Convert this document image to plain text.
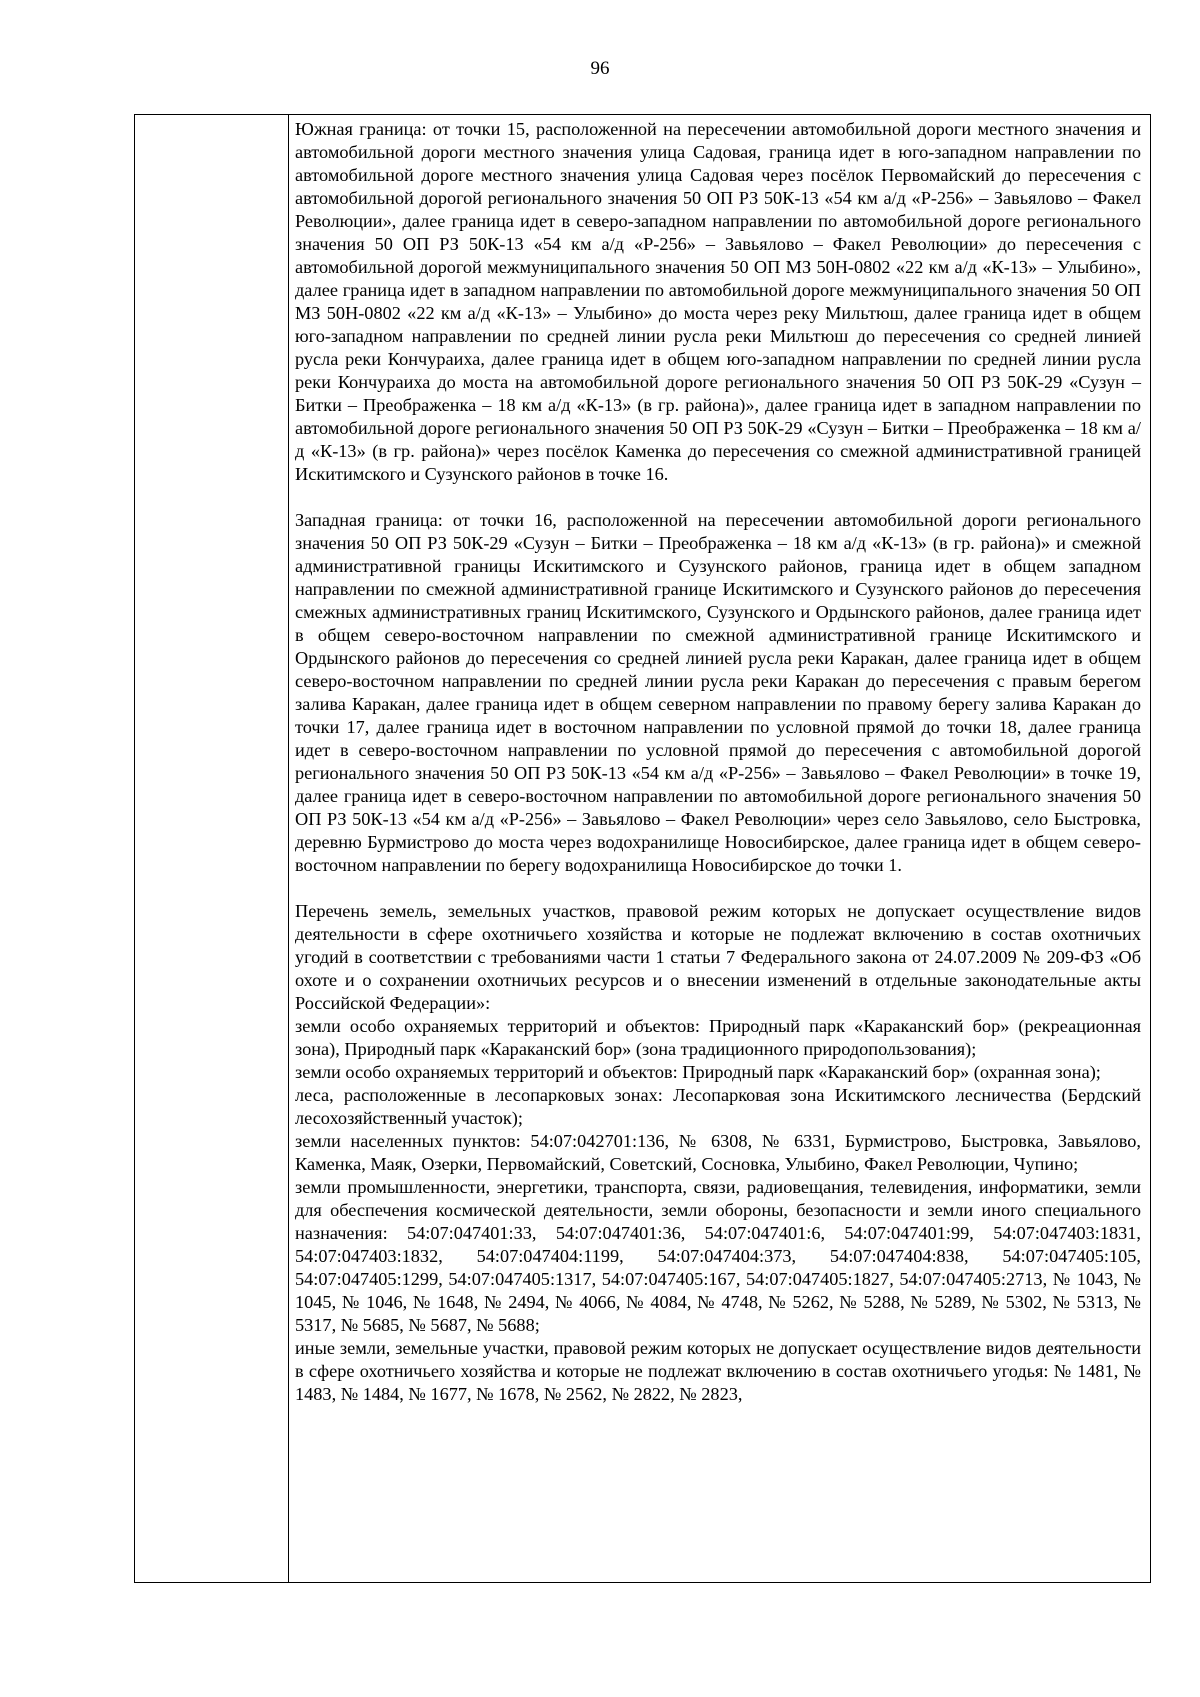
96

Южная граница: от точки 15, расположенной на пересечении автомобильной дороги местного значения и автомобильной дороги местного значения улица Садовая, граница идет в юго-западном направлении по автомобильной дороге местного значения улица Садовая через посёлок Первомайский до пересечения с автомобильной дорогой регионального значения 50 ОП РЗ 50К-13 «54 км а/д «Р-256» – Завьялово – Факел Революции», далее граница идет в северо-западном направлении по автомобильной дороге регионального значения 50 ОП РЗ 50К-13 «54 км а/д «Р-256» – Завьялово – Факел Революции» до пересечения с автомобильной дорогой межмуниципального значения 50 ОП МЗ 50Н-0802 «22 км а/д «К-13» – Улыбино», далее граница идет в западном направлении по автомобильной дороге межмуниципального значения 50 ОП МЗ 50Н-0802 «22 км а/д «К-13» – Улыбино» до моста через реку Мильтюш, далее граница идет в общем юго-западном направлении по средней линии русла реки Мильтюш до пересечения со средней линией русла реки Кончураиха, далее граница идет в общем юго-западном направлении по средней линии русла реки Кончураиха до моста на автомобильной дороге регионального значения 50 ОП РЗ 50К-29 «Сузун – Битки – Преображенка – 18 км а/д «К-13» (в гр. района)», далее граница идет в западном направлении по автомобильной дороге регионального значения 50 ОП РЗ 50К-29 «Сузун – Битки – Преображенка – 18 км а/д «К-13» (в гр. района)» через посёлок Каменка до пересечения со смежной административной границей Искитимского и Сузунского районов в точке 16.

Западная граница: от точки 16, расположенной на пересечении автомобильной дороги регионального значения 50 ОП РЗ 50К-29 «Сузун – Битки – Преображенка – 18 км а/д «К-13» (в гр. района)» и смежной административной границы Искитимского и Сузунского районов, граница идет в общем западном направлении по смежной административной границе Искитимского и Сузунского районов до пересечения смежных административных границ Искитимского, Сузунского и Ордынского районов, далее граница идет в общем северо-восточном направлении по смежной административной границе Искитимского и Ордынского районов до пересечения со средней линией русла реки Каракан, далее граница идет в общем северо-восточном направлении по средней линии русла реки Каракан до пересечения с правым берегом залива Каракан, далее граница идет в общем северном направлении по правому берегу залива Каракан до точки 17, далее граница идет в восточном направлении по условной прямой до точки 18, далее граница идет в северо-восточном направлении по условной прямой до пересечения с автомобильной дорогой регионального значения 50 ОП РЗ 50К-13 «54 км а/д «Р-256» – Завьялово – Факел Революции» в точке 19, далее граница идет в северо-восточном направлении по автомобильной дороге регионального значения 50 ОП РЗ 50К-13 «54 км а/д «Р-256» – Завьялово – Факел Революции» через село Завьялово, село Быстровка, деревню Бурмистрово до моста через водохранилище Новосибирское, далее граница идет в общем северо-восточном направлении по берегу водохранилища Новосибирское до точки 1.

Перечень земель, земельных участков, правовой режим которых не допускает осуществление видов деятельности в сфере охотничьего хозяйства и которые не подлежат включению в состав охотничьих угодий в соответствии с требованиями части 1 статьи 7 Федерального закона от 24.07.2009 № 209-ФЗ «Об охоте и о сохранении охотничьих ресурсов и о внесении изменений в отдельные законодательные акты Российской Федерации»:

земли особо охраняемых территорий и объектов: Природный парк «Караканский бор» (рекреационная зона), Природный парк «Караканский бор» (зона традиционного природопользования);

земли особо охраняемых территорий и объектов: Природный парк «Караканский бор» (охранная зона);

леса, расположенные в лесопарковых зонах: Лесопарковая зона Искитимского лесничества (Бердский лесохозяйственный участок);

земли населенных пунктов: 54:07:042701:136, № 6308, № 6331, Бурмистрово, Быстровка, Завьялово, Каменка, Маяк, Озерки, Первомайский, Советский, Сосновка, Улыбино, Факел Революции, Чупино;

земли промышленности, энергетики, транспорта, связи, радиовещания, телевидения, информатики, земли для обеспечения космической деятельности, земли обороны, безопасности и земли иного специального назначения: 54:07:047401:33, 54:07:047401:36, 54:07:047401:6, 54:07:047401:99, 54:07:047403:1831, 54:07:047403:1832, 54:07:047404:1199, 54:07:047404:373, 54:07:047404:838, 54:07:047405:105, 54:07:047405:1299, 54:07:047405:1317, 54:07:047405:167, 54:07:047405:1827, 54:07:047405:2713, № 1043, № 1045, № 1046, № 1648, № 2494, № 4066, № 4084, № 4748, № 5262, № 5288, № 5289, № 5302, № 5313, № 5317, № 5685, № 5687, № 5688;

иные земли, земельные участки, правовой режим которых не допускает осуществление видов деятельности в сфере охотничьего хозяйства и которые не подлежат включению в состав охотничьего угодья: № 1481, № 1483, № 1484, № 1677, № 1678, № 2562, № 2822, № 2823,
